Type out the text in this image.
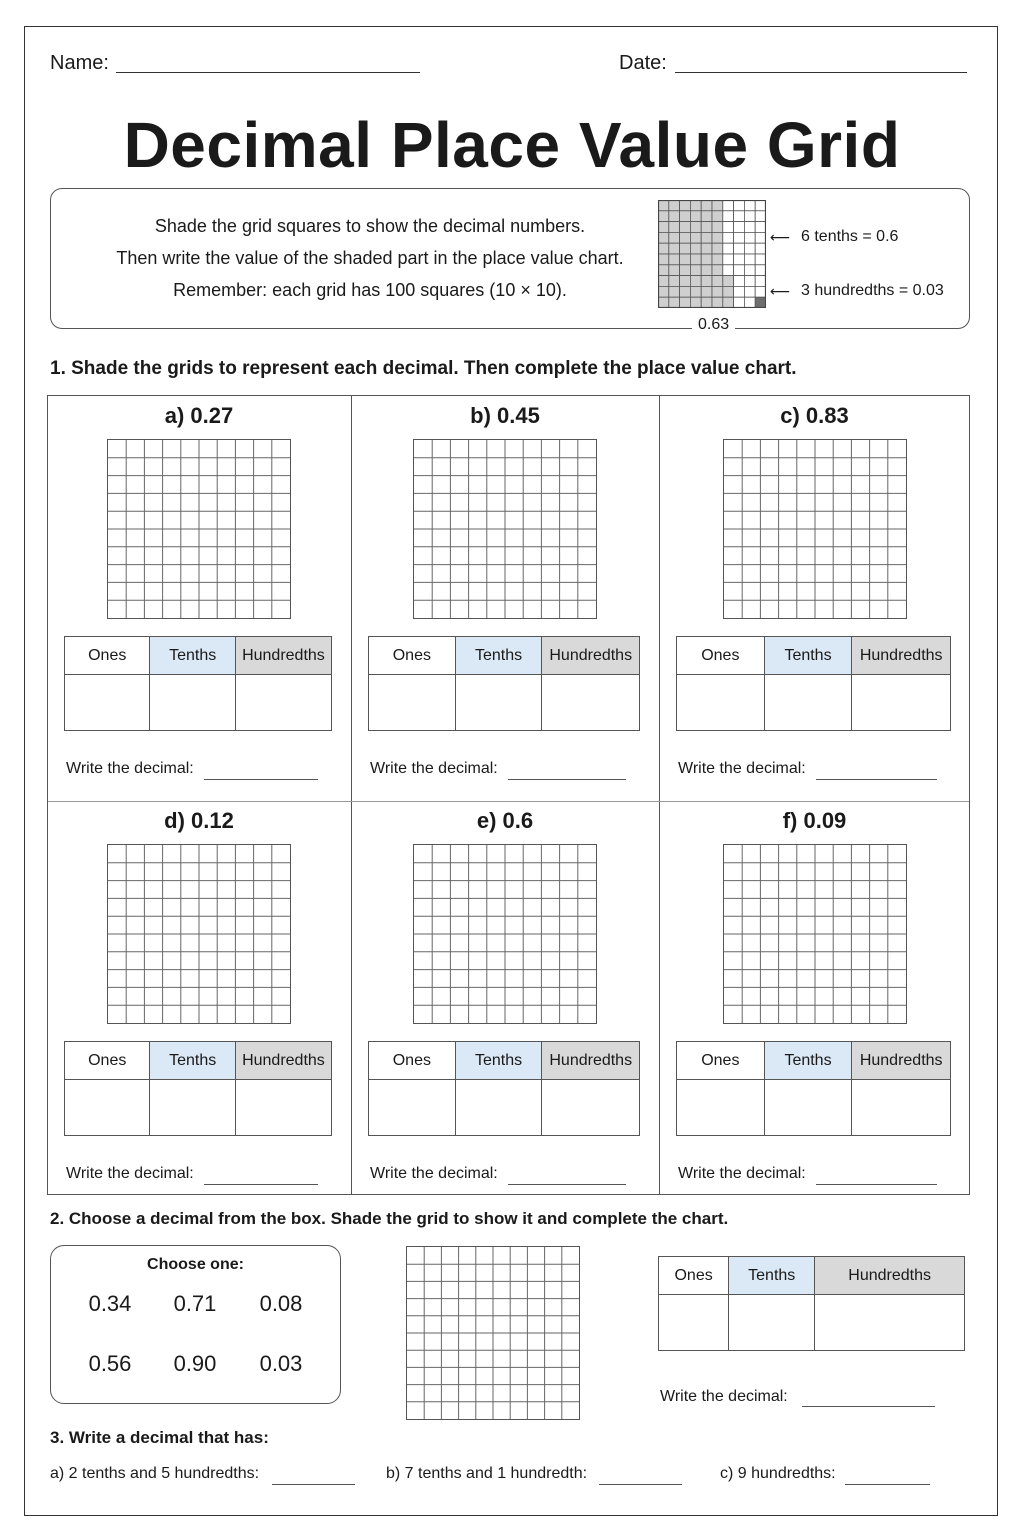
Name:	Date:
Decimal Place Value Grid
Shade the grid squares to show the decimal numbers.
Then write the value of the shaded part in the place value chart.
Remember: each grid has 100 squares (10 × 10).
⟵ 6 tenths = 0.6
⟵ 3 hundredths = 0.03
0.63
1. Shade the grids to represent each decimal. Then complete the place value chart.
a) 0.27
Ones	Tenths	Hundredths

Write the decimal:
b) 0.45
Ones	Tenths	Hundredths

Write the decimal:
c) 0.83
Ones	Tenths	Hundredths

Write the decimal:
d) 0.12
Ones	Tenths	Hundredths

Write the decimal:
e) 0.6
Ones	Tenths	Hundredths

Write the decimal:
f) 0.09
Ones	Tenths	Hundredths

Write the decimal:
2. Choose a decimal from the box. Shade the grid to show it and complete the chart.
Choose one:
0.34	0.71	0.08
0.56	0.90	0.03
Ones	Tenths	Hundredths

Write the decimal:
3. Write a decimal that has:
a) 2 tenths and 5 hundredths:	b) 7 tenths and 1 hundredth:	c) 9 hundredths:
